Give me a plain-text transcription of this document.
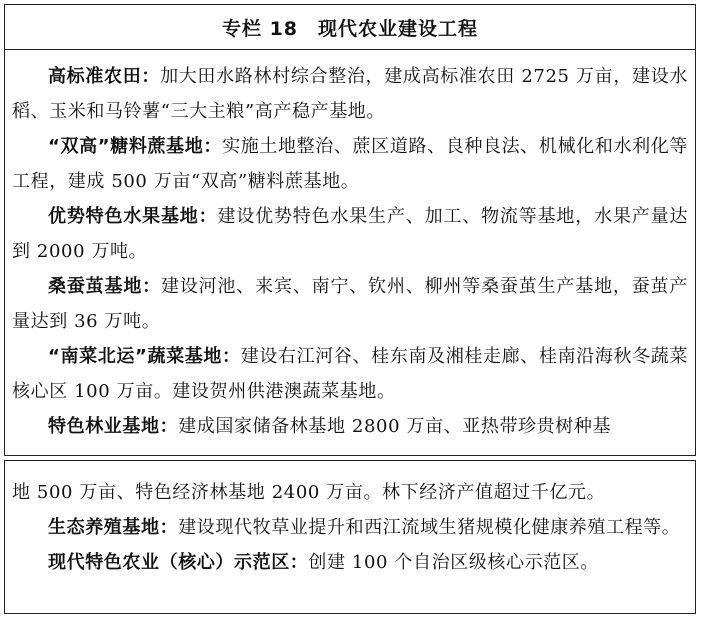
专栏 18 现代农业建设工程

高标准农田：加大田水路林村综合整治，建成高标准农田 2725 万亩，建设水稻、玉米和马铃薯“三大主粮”高产稳产基地。

“双高”糖料蔗基地：实施土地整治、蔗区道路、良种良法、机械化和水利化等工程，建成 500 万亩“双高”糖料蔗基地。

优势特色水果基地：建设优势特色水果生产、加工、物流等基地，水果产量达到 2000 万吨。

桑蚕茧基地：建设河池、来宾、南宁、钦州、柳州等桑蚕茧生产基地，蚕茧产量达到 36 万吨。

“南菜北运”蔬菜基地：建设右江河谷、桂东南及湘桂走廊、桂南沿海秋冬蔬菜核心区 100 万亩。建设贺州供港澳蔬菜基地。

特色林业基地：建成国家储备林基地 2800 万亩、亚热带珍贵树种基

地 500 万亩、特色经济林基地 2400 万亩。林下经济产值超过千亿元。

生态养殖基地：建设现代牧草业提升和西江流域生猪规模化健康养殖工程等。

现代特色农业（核心）示范区：创建 100 个自治区级核心示范区。
